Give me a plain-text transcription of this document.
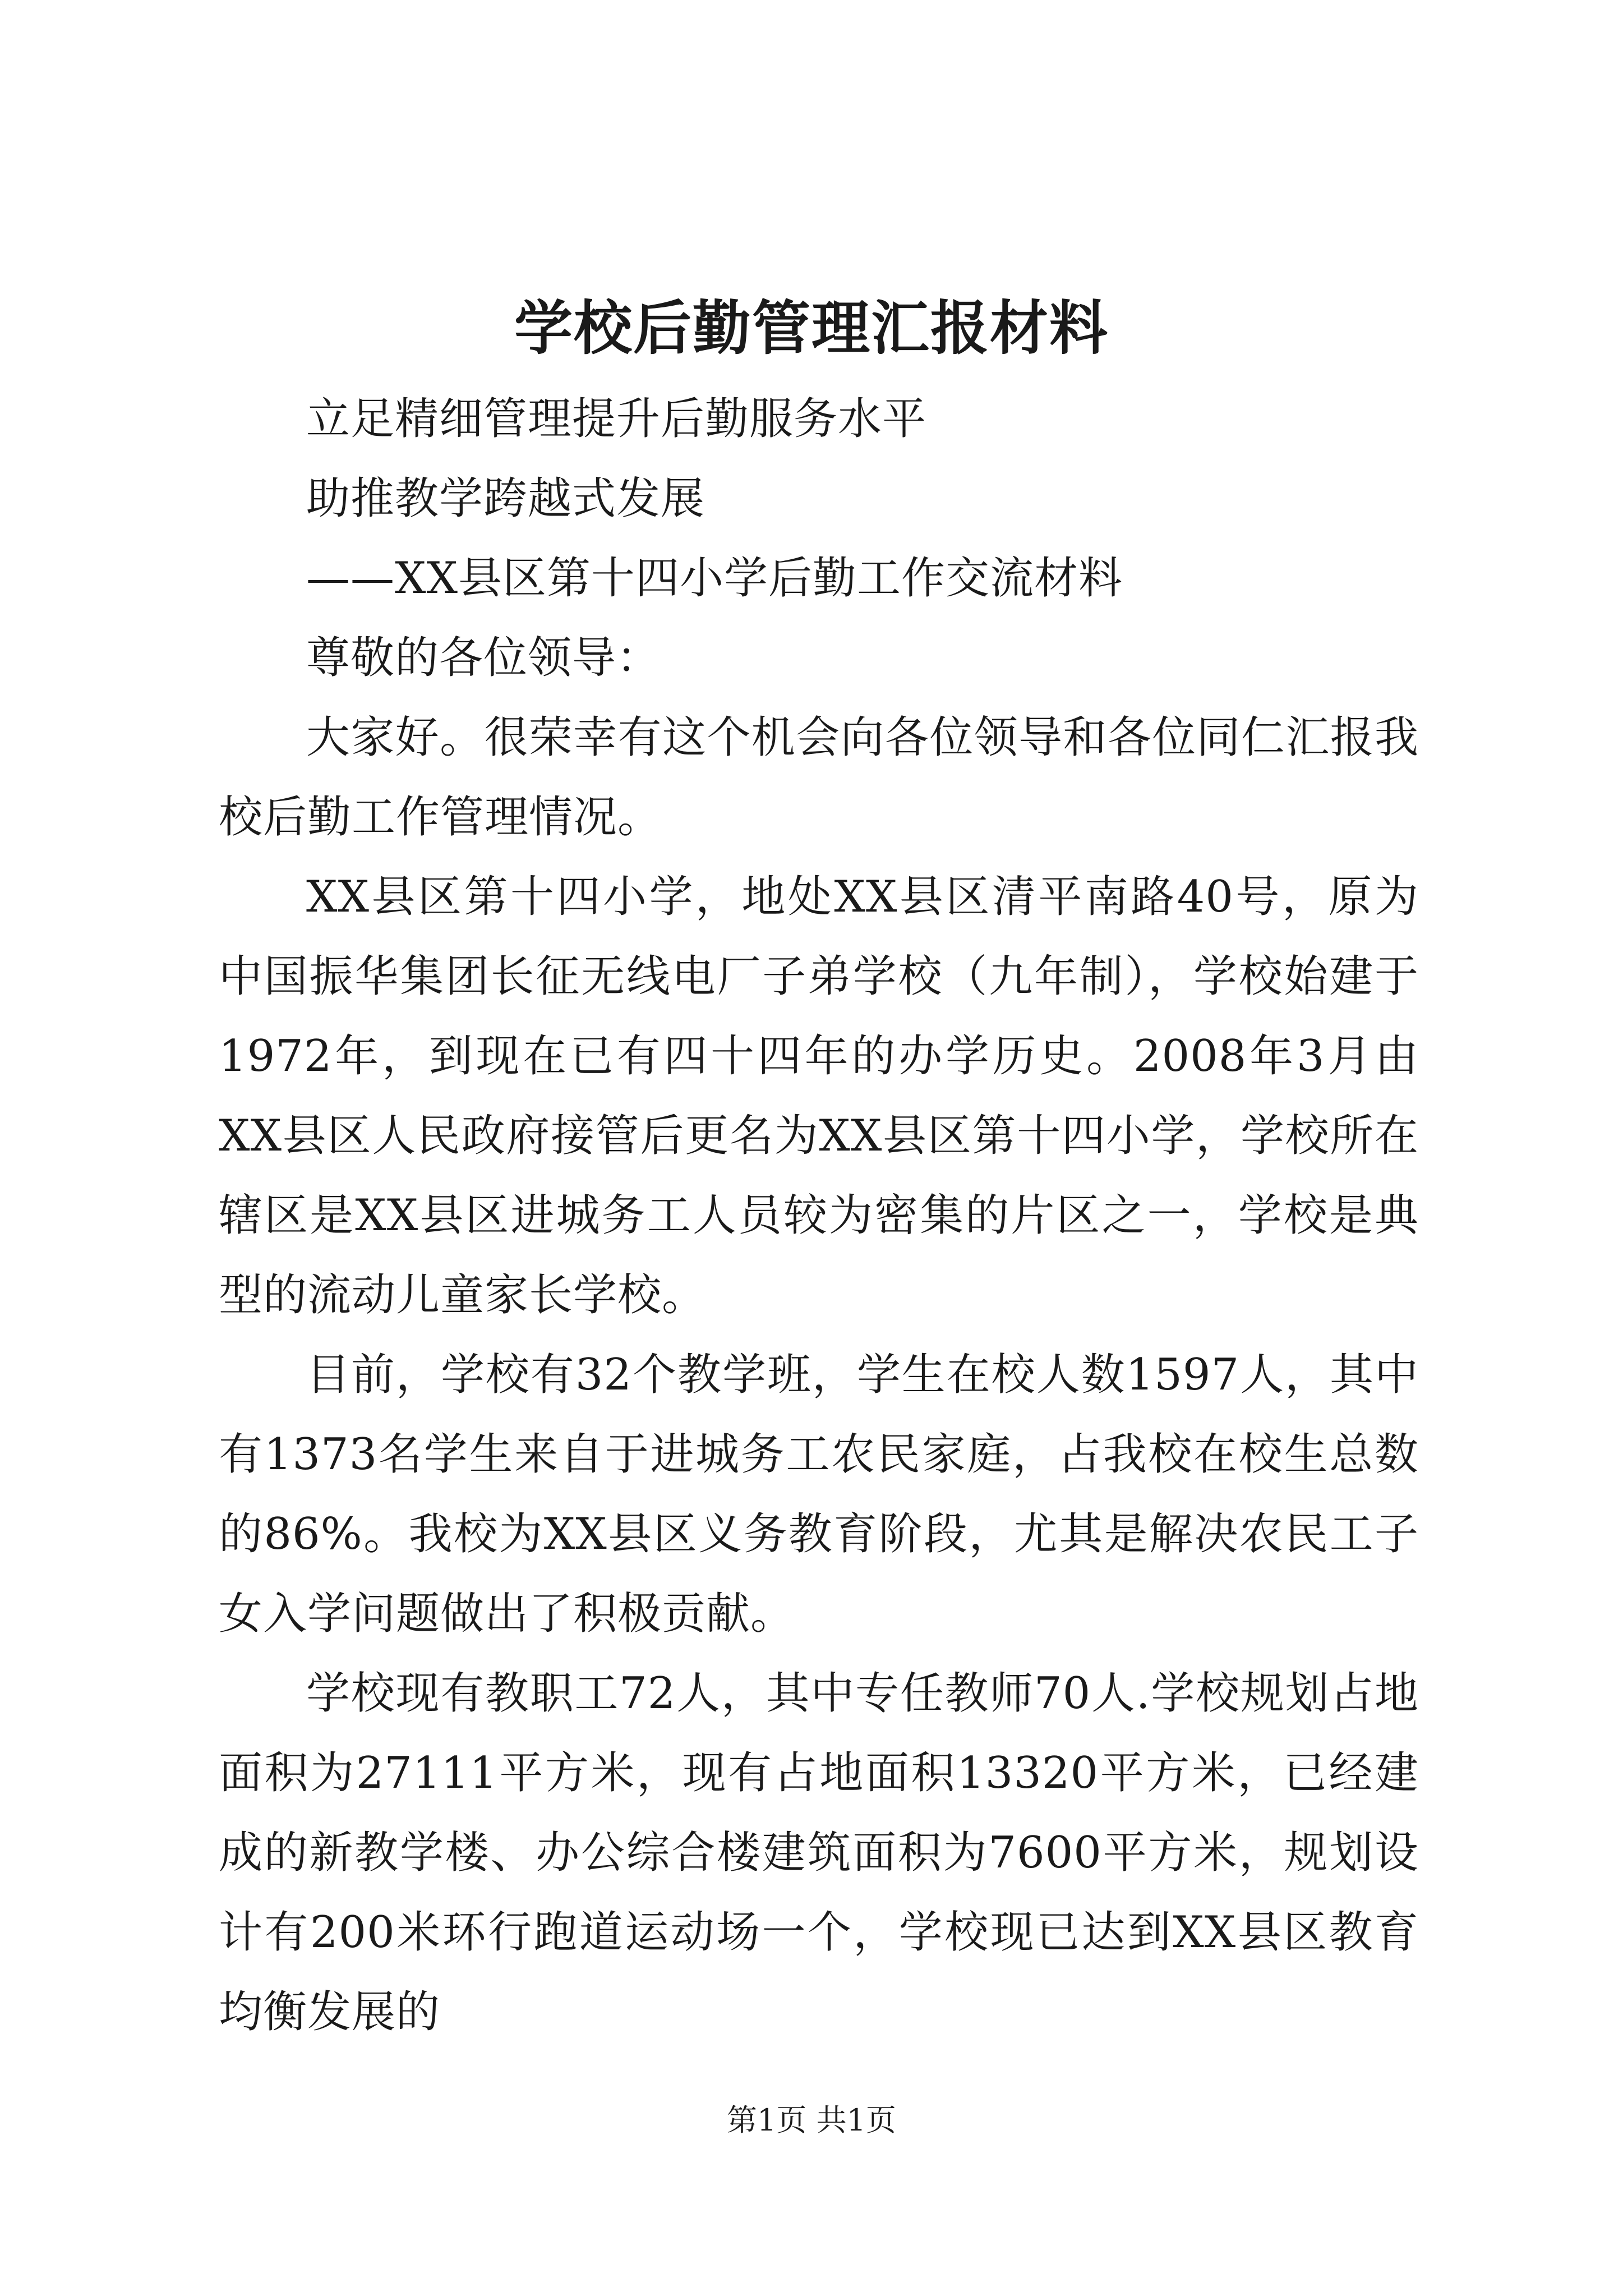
学校后勤管理汇报材料

立足精细管理提升后勤服务水平

助推教学跨越式发展

——XX县区第十四小学后勤工作交流材料

尊敬的各位领导：

大家好。很荣幸有这个机会向各位领导和各位同仁汇报我校后勤工作管理情况。

XX县区第十四小学，地处XX县区清平南路40号，原为中国振华集团长征无线电厂子弟学校（九年制），学校始建于1972年，到现在已有四十四年的办学历史。2008年3月由XX县区人民政府接管后更名为XX县区第十四小学，学校所在辖区是XX县区进城务工人员较为密集的片区之一，学校是典型的流动儿童家长学校。

目前，学校有32个教学班，学生在校人数1597人，其中有1373名学生来自于进城务工农民家庭，占我校在校生总数的86%。我校为XX县区义务教育阶段，尤其是解决农民工子女入学问题做出了积极贡献。

学校现有教职工72人，其中专任教师70人.学校规划占地面积为27111平方米，现有占地面积13320平方米，已经建成的新教学楼、办公综合楼建筑面积为7600平方米，规划设计有200米环行跑道运动场一个，学校现已达到XX县区教育均衡发展的

第1页 共1页
